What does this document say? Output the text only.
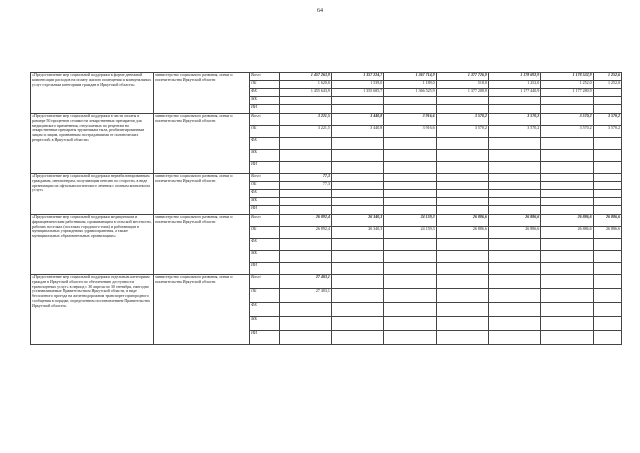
64
«Предоставление мер социальной поддержки в форме денежной компенсации расходов на оплату жилого помещения и коммунальных услуг отдельным категориям граждан в Иркутской области»	министерство социального развития, опеки и попечительства Иркутской области	Всего	1 457 263,9	1 357 224,7	1 367 714,9	1 377 726,9	1 178 692,9	1 178 532,9	1 252,6
		ОБ	1 620,0	1 539,0	1 189,0	518,0	1 252,0	1 252,0	1 252,0
		ФБ	1 455 643,9	1 355 685,7	1 366 525,9	1 377 208,9	1 177 440,9	1 177 280,9	
		МБ							
		ИИ							
«Предоставление мер социальной поддержки в части оплаты в размере 50 процентов стоимости лекарственных препаратов для медицинского применения, отпускаемых по рецептам на лекарственные препараты труженикам тыла, реабилитированным лицам и лицам, признанным пострадавшими от политических репрессий, в Иркутской области»	министерство социального развития, опеки и попечительства Иркутской области	Всего	3 221,5	3 440,8	3 916,6	3 570,2	3 570,2	3 570,2	3 570,2
		ОБ	3 221,5	3 440,8	3 916,6	3 570,2	3 570,2	3 570,2	3 570,2
		ФБ							
		МБ							
		ИИ							
«Предоставление мер социальной поддержки нереабилитированным гражданам, пенсионерам, получающим пенсию по старости, в виде организации их офтальмологического лечения с полным комплексом услуг»	министерство социального развития, опеки и попечительства Иркутской области	Всего	77,3						
		ОБ	77,3						
		ФБ							
		МБ							
		ИИ							
«Предоставление мер социальной поддержки медицинским и фармацевтическим работникам, проживающим в сельской местности, рабочих поселках (поселках городского типа) и работающим в муниципальных учреждениях здравоохранения, а также муниципальных образовательных организациях»	министерство социального развития, опеки и попечительства Иркутской области	Всего	26 892,4	26 340,3	24 159,3	26 886,6	26 886,6	26 886,6	26 886,6
		ОБ	26 892,4	26 340,3	24 159,3	26 886,6	26 886,6	26 886,6	26 886,6
		ФБ							
		МБ							
		ИИ							
«Предоставление мер социальной поддержки отдельным категориям граждан в Иркутской области по обеспечению доступности транспортных услуг» в период с 30 апреля по 30 сентября, ежегодно устанавливаемые Правительством Иркутской области, в виде бесплатного проезда на железнодорожном транспорте пригородного сообщения в порядке, определенном постановлением Правительства Иркутской области»	министерство социального развития, опеки и попечительства Иркутской области	Всего	27 403,1						
		ОБ	27 403,1						
		ФБ							
		МБ							
		ИИ							
